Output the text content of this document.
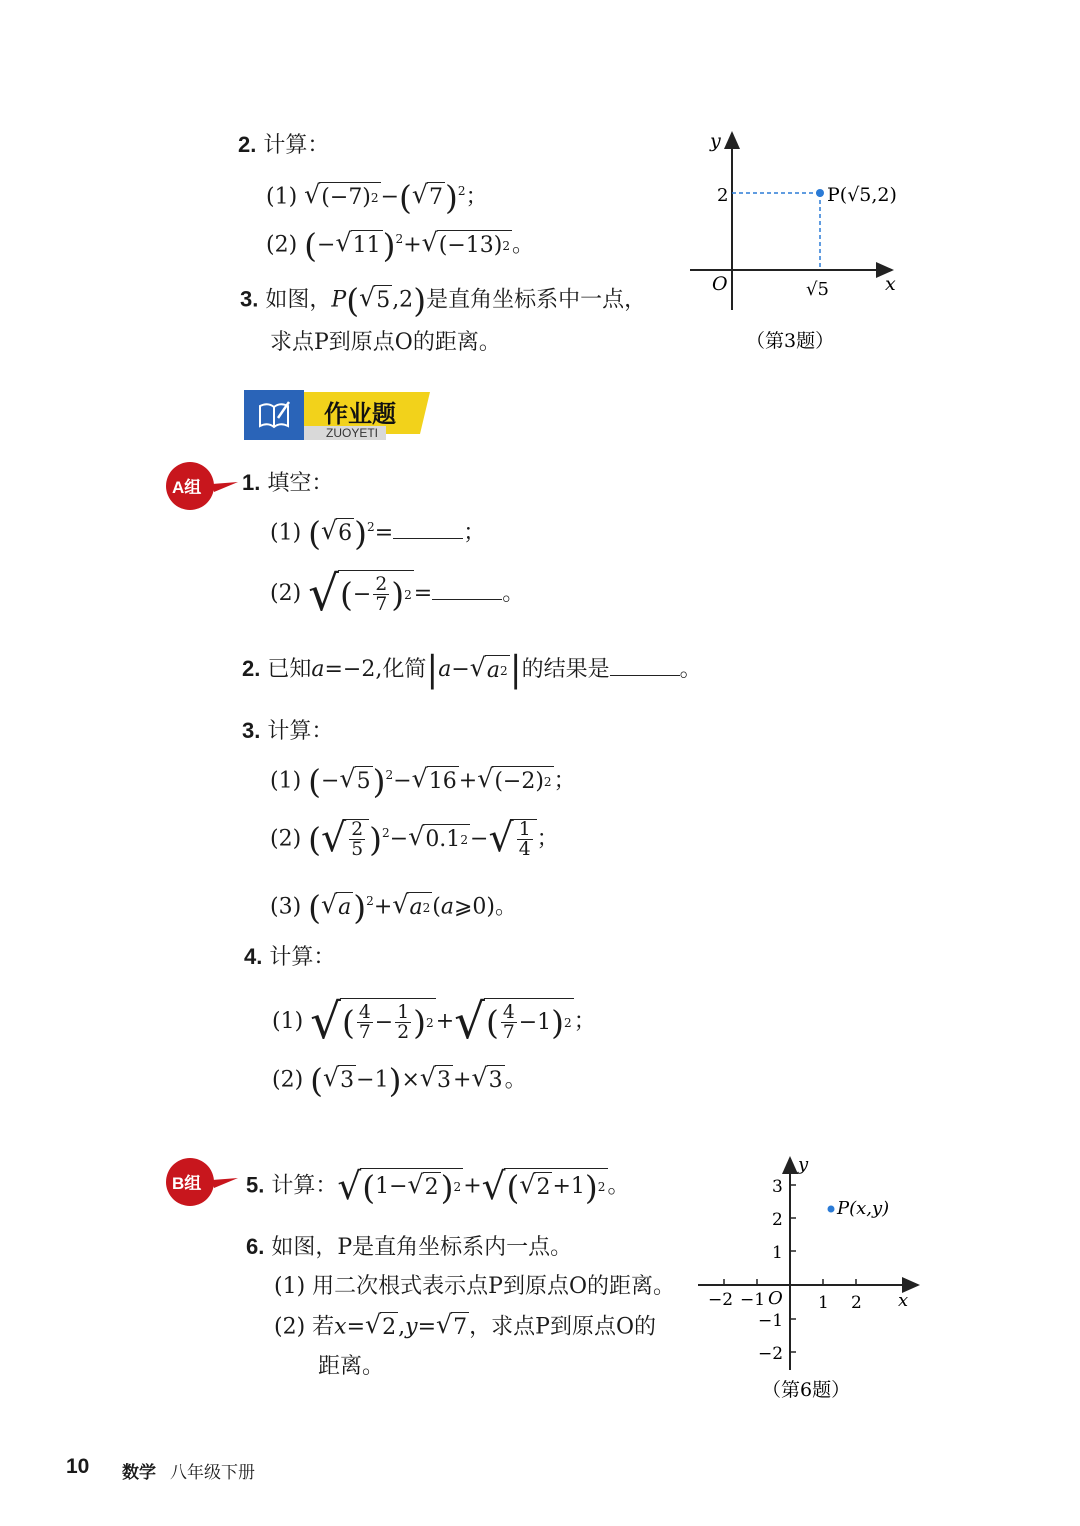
2. 计算：
(1) √ (−7) 2 −( √ 7 )$^2$；
(2) (− √ 11 )$^2$+ √ (−13) 2 。
3. 如图，P( √ 5 ,2)是直角坐标系中一点，
求点P到原点O的距离。
y
x
O
2
√5
P(√5,2)
（第3题）
作业题
ZUOYETI
A组 1. 填空：
(1) ( √ 6 )$^2$=	；
(2) √ ( − $\frac{2}{7}$ ) 2 =	。
2. 已知a=−2,化简|a− √ a 2 |的结果是	。
3. 计算：
(1) (− √ 5 )$^2$− √ 16 + √ (−2) 2 ；
(2) ( √ $\frac{2}{5} )^2-$ √ 0.1 2 − √ $\frac{1}{4}$ ；
(3) ( √ a )$^2$+ √ a 2 (a⩾0)。
4. 计算：
(1) √ ( $\frac{4}{7} - \frac{1}{2}$ ) 2 + √ ( $\frac{4}{7} -1$ ) 2 ；
(2) ( √ 3 −1)× √ 3 + √ 3 。
B组 5. 计算： √ ( 1− √ 2 ) 2 + √ ( √ 2 +1 ) 2 。
6. 如图，P是直角坐标系内一点。
(1) 用二次根式表示点P到原点O的距离。
(2) 若x= √ 2 ,y= √ 7 ，求点P到原点O的
距离。
y
x
O
3
2
1
−1
−2
−2 −1	1 2
P(x,y)
（第6题）
10 数学 八年级下册
